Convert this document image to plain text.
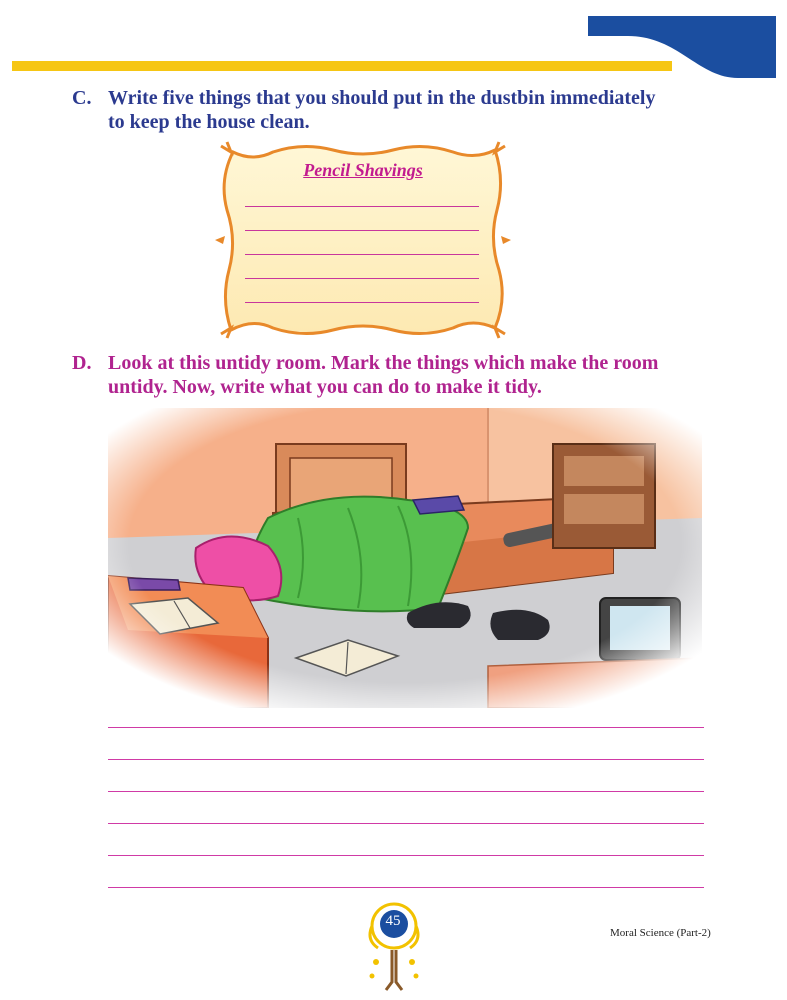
C. Write five things that you should put in the dustbin immediately
to keep the house clean.
Pencil Shavings
D. Look at this untidy room. Mark the things which make the room
untidy. Now, write what you can do to make it tidy.
45
Moral Science (Part-2)
